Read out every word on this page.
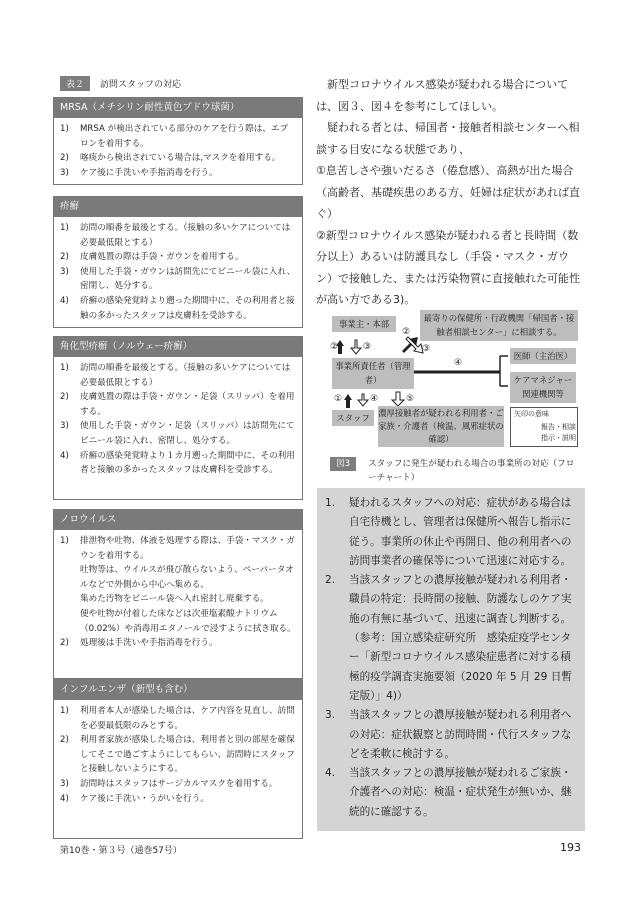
表２	訪問スタッフの対応
MRSA（メチシリン耐性黄色ブドウ球菌）
1)	MRSA が検出されている部分のケアを行う際は、エプロンを着用する。
2)	喀痰から検出されている場合は,マスクを着用する。
3)	ケア後に手洗いや手指消毒を行う。
疥癬
1)	訪問の順番を最後とする。（接触の多いケアについては必要最低限とする）
2)	皮膚処置の際は手袋・ガウンを着用する。
3)	使用した手袋・ガウンは訪問先にてビニール袋に入れ、密閉し、処分する。
4)	疥癬の感染発覚時より遡った期間中に、その利用者と接触の多かったスタッフは皮膚科を受診する。
角化型疥癬（ノルウェー疥癬）
1)	訪問の順番を最後とする。（接触の多いケアについては必要最低限とする）
2)	皮膚処置の際は手袋・ガウン・足袋（スリッパ）を着用する。
3)	使用した手袋・ガウン・足袋（スリッパ）は訪問先にてビニール袋に入れ、密閉し、処分する。
4)	疥癬の感染発覚時より１カ月遡った期間中に、その利用者と接触の多かったスタッフは皮膚科を受診する。
ノロウイルス
1)	排泄物や吐物、体液を処理する際は、手袋・マスク・ガウンを着用する。
吐物等は、ウイルスが飛び散らないよう、ペーパータオルなどで外側から中心へ集める。
集めた汚物をビニール袋へ入れ密封し廃棄する。
便や吐物が付着した床などは次亜塩素酸ナトリウム（0.02%）や消毒用エタノールで浸すように拭き取る。
2)	処理後は手洗いや手指消毒を行う。
インフルエンザ（新型も含む）
1)	利用者本人が感染した場合は、ケア内容を見直し、訪問を必要最低限のみとする。
2)	利用者家族が感染した場合は、利用者と別の部屋を確保してそこで過ごすようにしてもらい、訪問時にスタッフと接触しないようにする。
3)	訪問時はスタッフはサージカルマスクを着用する。
4)	ケア後に手洗い・うがいを行う。

新型コロナウイルス感染が疑われる場合については、図３、図４を参考にしてほしい。

疑われる者とは、帰国者・接触者相談センターへ相談する目安になる状態であり、

①息苦しさや強いだるさ（倦怠感）、高熱が出た場合（高齢者、基礎疾患のある方、妊婦は症状があれば直ぐ）

②新型コロナウイルス感染が疑われる者と長時間（数分以上）あるいは防護具なし（手袋・マスク・ガウン）で接触した、または汚染物質に直接触れた可能性が高い方である3)。

事業主・本部
最寄りの保健所・行政機関「帰国者・接触者相談センター」に相談する。
事業所責任者（管理者）
医師（主治医）
ケアマネジャー関連機関等
スタッフ	濃厚接触者が疑われる利用者・ご家族・介護者（検温、風邪症状の確認）
②
③
②	③
④
①	④	⑤
矢印の意味
報告・相談
指示・説明
図3	スタッフに発生が疑われる場合の事業所の対応（フローチャート）
1.	疑われるスタッフへの対応：症状がある場合は自宅待機とし、管理者は保健所へ報告し指示に従う。事業所の休止や再開日、他の利用者への訪問事業者の確保等について迅速に対応する。
2.	当該スタッフとの濃厚接触が疑われる利用者・職員の特定：長時間の接触、防護なしのケア実施の有無に基づいて、迅速に調査し判断する。（参考：国立感染症研究所　感染症疫学センター「新型コロナウイルス感染症患者に対する積極的疫学調査実施要領（2020 年 5 月 29 日暫定版）」4)）
3.	当該スタッフとの濃厚接触が疑われる利用者への対応：症状観察と訪問時間・代行スタッフなどを柔軟に検討する。
4.	当該スタッフとの濃厚接触が疑われるご家族・介護者への対応：検温・症状発生が無いか、継続的に確認する。
第10巻・第３号（通巻57号）	193
